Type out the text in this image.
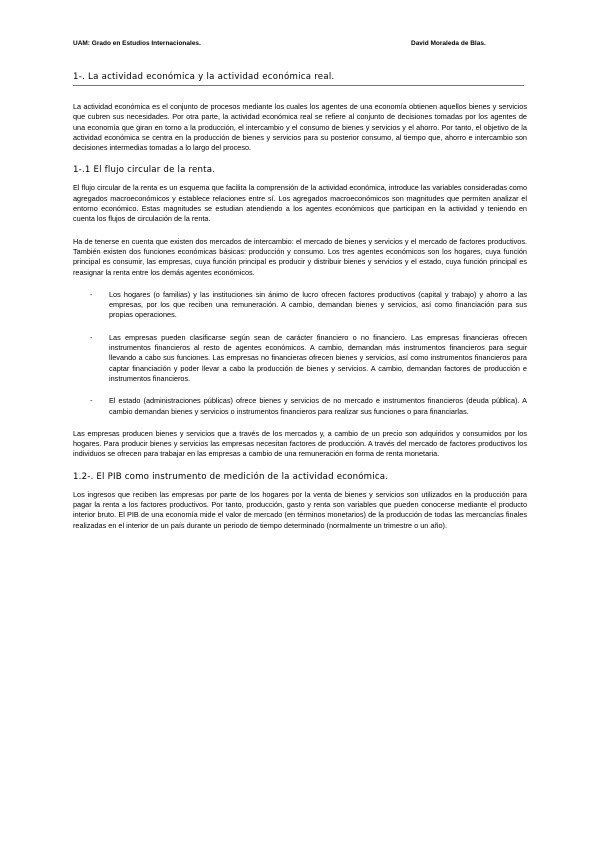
UAM: Grado en Estudios Internacionales.	David Moraleda de Blas.
1-. La actividad económica y la actividad económica real.

La actividad económica es el conjunto de procesos mediante los cuales los agentes de una economía obtienen aquellos bienes y servicios que cubren sus necesidades. Por otra parte, la actividad económica real se refiere al conjunto de decisiones tomadas por los agentes de una economía que giran en torno a la producción, el intercambio y el consumo de bienes y servicios y el ahorro. Por tanto, el objetivo de la actividad económica se centra en la producción de bienes y servicios para su posterior consumo, al tiempo que, ahorro e intercambio son decisiones intermedias tomadas a lo largo del proceso.

1-.1 El flujo circular de la renta.

El flujo circular de la renta es un esquema que facilita la comprensión de la actividad económica, introduce las variables consideradas como agregados macroeconómicos y establece relaciones entre sí. Los agregados macroeconómicos son magnitudes que permiten analizar el entorno económico. Estas magnitudes se estudian atendiendo a los agentes económicos que participan en la actividad y teniendo en cuenta los flujos de circulación de la renta.

Ha de tenerse en cuenta que existen dos mercados de intercambio: el mercado de bienes y servicios y el mercado de factores productivos. También existen dos funciones económicas básicas: producción y consumo. Los tres agentes económicos son los hogares, cuya función principal es consumir, las empresas, cuya función principal es producir y distribuir bienes y servicios y el estado, cuya función principal es reasignar la renta entre los demás agentes económicos.

- Los hogares (o familias) y las instituciones sin ánimo de lucro ofrecen factores productivos (capital y trabajo) y ahorro a las empresas, por los que reciben una remuneración. A cambio, demandan bienes y servicios, así como financiación para sus propias operaciones.
- Las empresas pueden clasificarse según sean de carácter financiero o no financiero. Las empresas financieras ofrecen instrumentos financieros al resto de agentes económicos. A cambio, demandan más instrumentos financieros para seguir llevando a cabo sus funciones. Las empresas no financieras ofrecen bienes y servicios, así como instrumentos financieros para captar financiación y poder llevar a cabo la producción de bienes y servicios. A cambio, demandan factores de producción e instrumentos financieros.
- El estado (administraciones públicas) ofrece bienes y servicios de no mercado e instrumentos financieros (deuda pública). A cambio demandan bienes y servicios o instrumentos financieros para realizar sus funciones o para financiarlas.

Las empresas producen bienes y servicios que a través de los mercados y, a cambio de un precio son adquiridos y consumidos por los hogares. Para producir bienes y servicios las empresas necesitan factores de producción. A través del mercado de factores productivos los individuos se ofrecen para trabajar en las empresas a cambio de una remuneración en forma de renta monetaria.

1.2-. El PIB como instrumento de medición de la actividad económica.

Los ingresos que reciben las empresas por parte de los hogares por la venta de bienes y servicios son utilizados en la producción para pagar la renta a los factores productivos. Por tanto, producción, gasto y renta son variables que pueden conocerse mediante el producto interior bruto. El PIB de una economía mide el valor de mercado (en términos monetarios) de la producción de todas las mercancías finales realizadas en el interior de un país durante un periodo de tiempo determinado (normalmente un trimestre o un año).
